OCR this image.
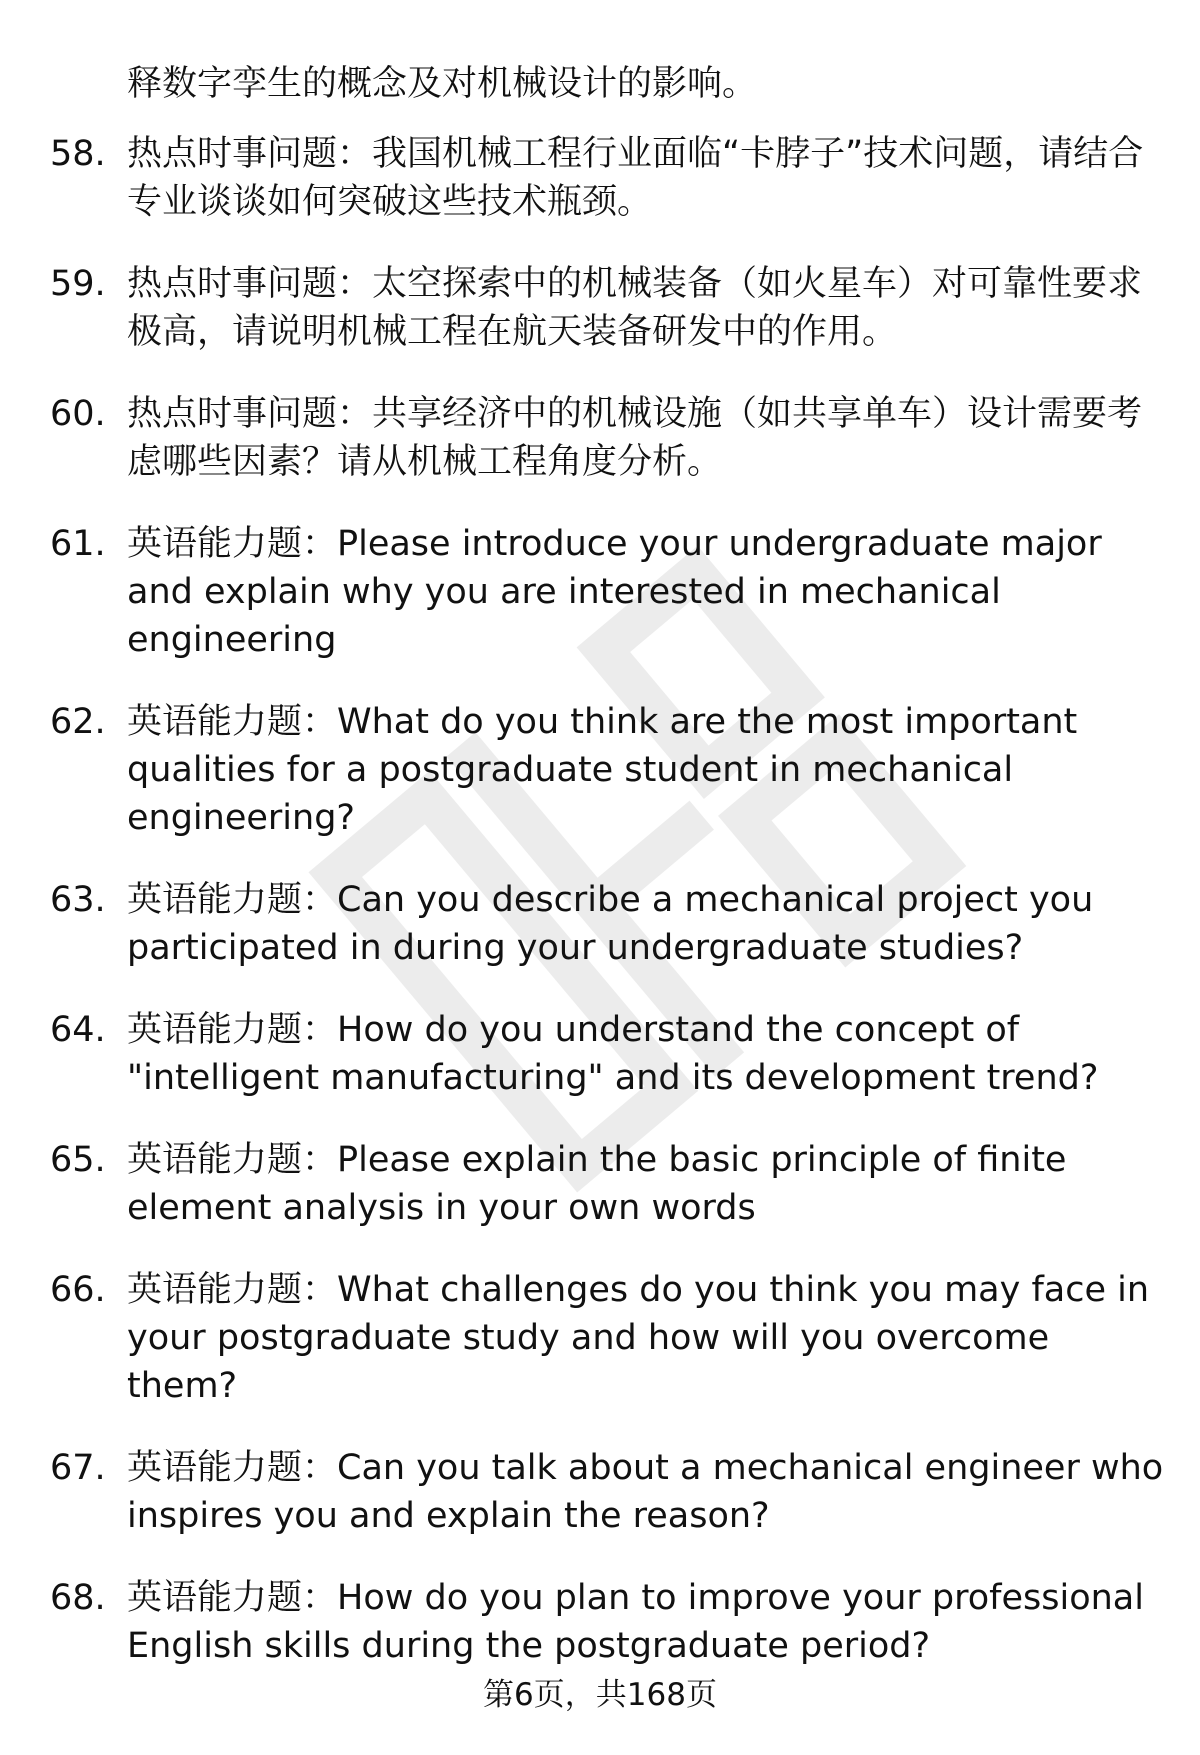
释数字孪生的概念及对机械设计的影响。

58. 热点时事问题：我国机械工程行业面临“卡脖子”技术问题，请结合专业谈谈如何突破这些技术瓶颈。
59. 热点时事问题：太空探索中的机械装备（如火星车）对可靠性要求极高，请说明机械工程在航天装备研发中的作用。
60. 热点时事问题：共享经济中的机械设施（如共享单车）设计需要考虑哪些因素？请从机械工程角度分析。
61. 英语能力题：Please introduce your undergraduate major and explain why you are interested in mechanical engineering
62. 英语能力题：What do you think are the most important qualities for a postgraduate student in mechanical engineering?
63. 英语能力题：Can you describe a mechanical project you participated in during your undergraduate studies?
64. 英语能力题：How do you understand the concept of "intelligent manufacturing" and its development trend?
65. 英语能力题：Please explain the basic principle of finite element analysis in your own words
66. 英语能力题：What challenges do you think you may face in your postgraduate study and how will you overcome them?
67. 英语能力题：Can you talk about a mechanical engineer who inspires you and explain the reason?
68. 英语能力题：How do you plan to improve your professional English skills during the postgraduate period?
第6页，共168页
